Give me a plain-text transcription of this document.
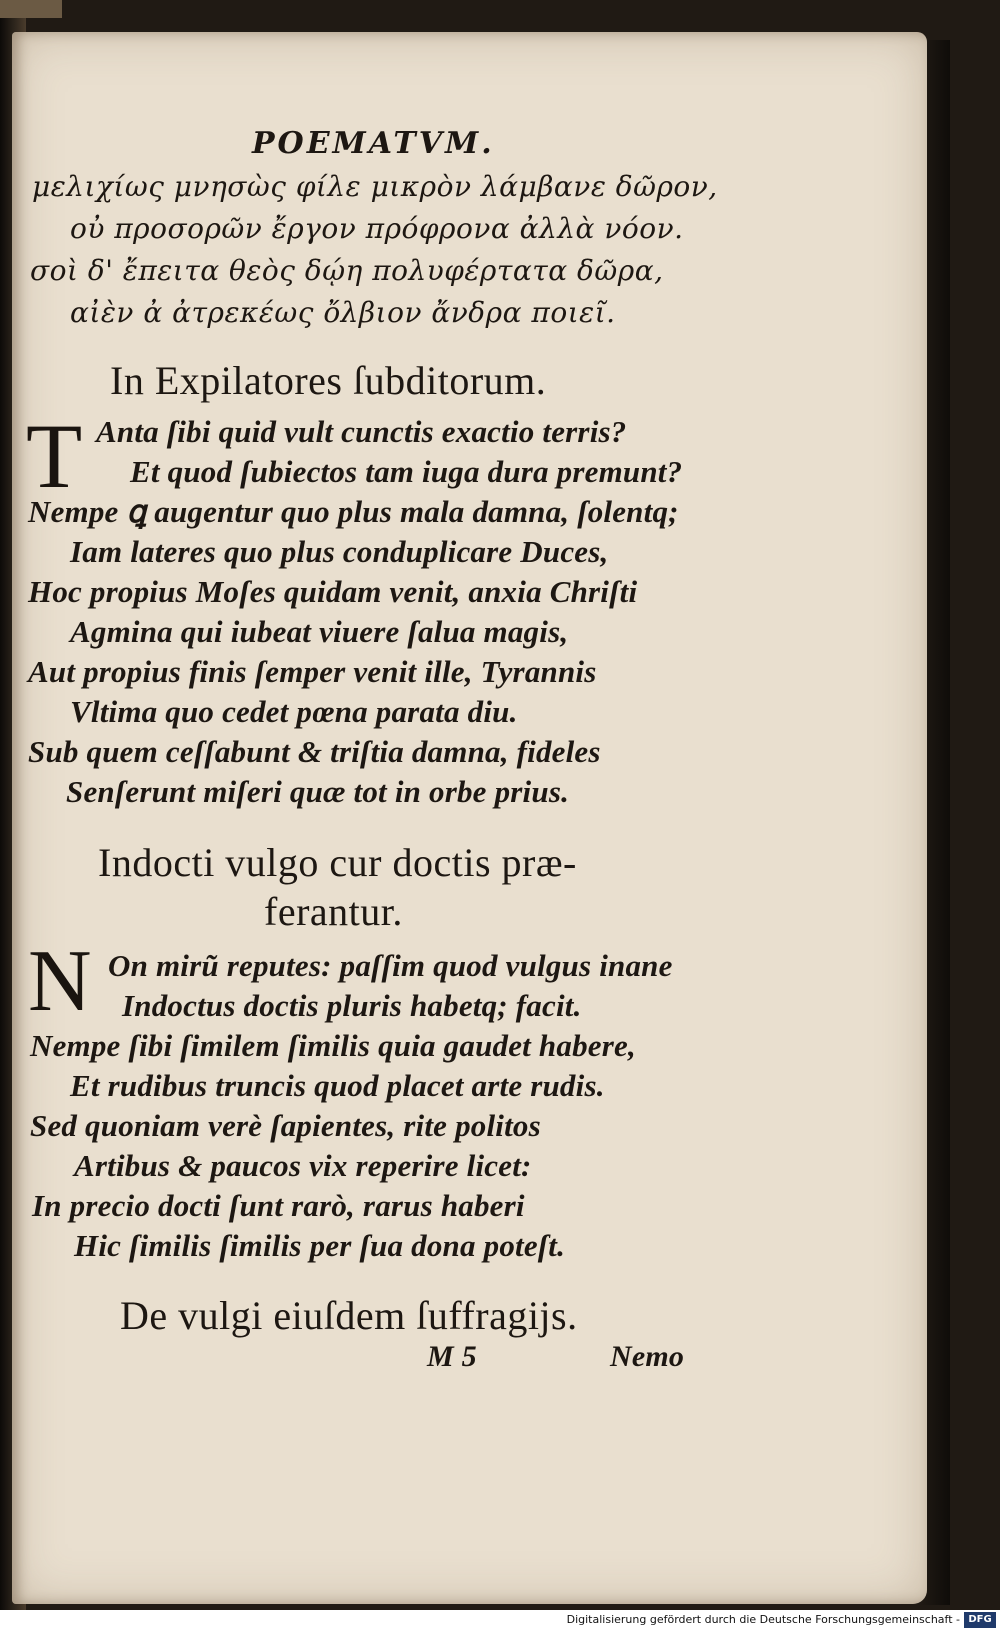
POEMATVM.
μελιχίως μνησὼς φίλε μικρὸν λάμβανε δῶρον,
οὐ προσορῶν ἔργον πρόφρονα ἀλλὰ νόον.
σοὶ δ' ἔπειτα θεὸς δῴη πολυφέρτατα δῶρα,
αἰὲν ἀ ἀτρεκέως ὄλβιον ἄνδρα ποιεῖ.
In Expilatores ſubditorum.
T Anta ſibi quid vult cunctis exactio terris?
Et quod ſubiectos tam iuga dura premunt?
Nempe ꝗ augentur quo plus mala damna, ſolentq;
Iam lateres quo plus conduplicare Duces,
Hoc propius Moſes quidam venit, anxia Chriſti
Agmina qui iubeat viuere ſalua magis,
Aut propius finis ſemper venit ille, Tyrannis
Vltima quo cedet pœna parata diu.
Sub quem ceſſabunt & triſtia damna, fideles
Senſerunt miſeri quæ tot in orbe prius.
Indocti vulgo cur doctis præ-
ferantur.
N On mirũ reputes: paſſim quod vulgus inane
Indoctus doctis pluris habetq; facit.
Nempe ſibi ſimilem ſimilis quia gaudet habere,
Et rudibus truncis quod placet arte rudis.
Sed quoniam verè ſapientes, rite politos
Artibus & paucos vix reperire licet:
In precio docti ſunt rarò, rarus haberi
Hic ſimilis ſimilis per ſua dona poteſt.
De vulgi eiuſdem ſuffragijs.
M 5	Nemo
Digitalisierung gefördert durch die Deutsche Forschungsgemeinschaft - DFG
